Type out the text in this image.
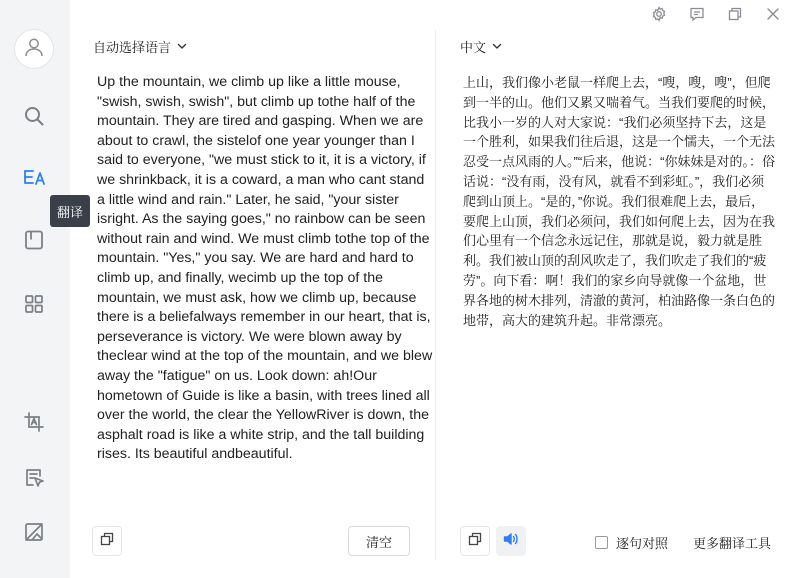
翻译
自动选择语言
Up the mountain, we climb up like a little mouse, "swish, swish, swish", but climb up tothe half of the mountain. They are tired and gasping. When we are about to crawl, the sistelof one year younger than I said to everyone, "we must stick to it, it is a victory, if we shrinkback, it is a coward, a man who cant stand a little wind and rain." Later, he said, "your sister isright. As the saying goes," no rainbow can be seen without rain and wind. We must climb tothe top of the mountain. "Yes," you say. We are hard and hard to climb up, and finally, wecimb up the top of the mountain, we must ask, how we climb up, because there is a beliefalways remember in our heart, that is, perseverance is victory. We were blown away by theclear wind at the top of the mountain, and we blew away the "fatigue" on us. Look down: ah!Our hometown of Guide is like a basin, with trees lined all over the world, the clear the YellowRiver is down, the asphalt road is like a white strip, and the tall building rises. Its beautiful andbeautiful.
清空
中文
上山，我们像小老鼠一样爬上去，“嗖，嗖，嗖”，但爬到一半的山。他们又累又喘着气。当我们要爬的时候，比我小一岁的人对大家说：“我们必须坚持下去，这是一个胜利，如果我们往后退，这是一个懦夫，一个无法忍受一点风雨的人。”“后来，他说：“你妹妹是对的。：俗话说：“没有雨，没有风，就看不到彩虹。”，我们必须爬到山顶上。“是的，”你说。我们很难爬上去，最后，要爬上山顶，我们必须问，我们如何爬上去，因为在我们心里有一个信念永远记住，那就是说，毅力就是胜利。我们被山顶的刮风吹走了，我们吹走了我们的“疲劳”。向下看：啊！我们的家乡向导就像一个盆地，世界各地的树木排列，清澈的黄河，柏油路像一条白色的地带，高大的建筑升起。非常漂亮。
逐句对照 更多翻译工具
